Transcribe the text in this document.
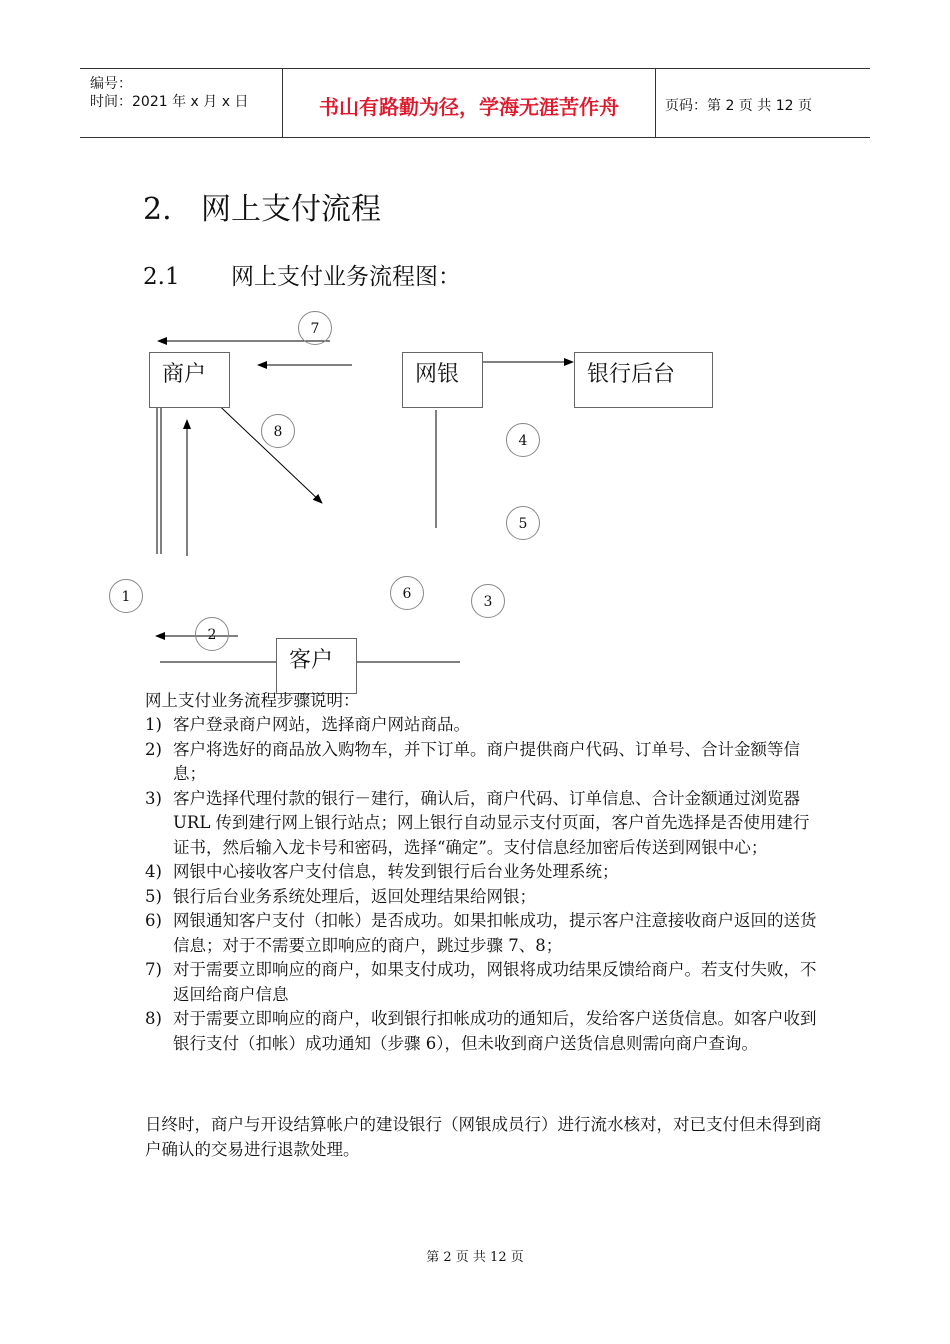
编号：
时间：2021 年 x 月 x 日	书山有路勤为径，学海无涯苦作舟	页码：第 2 页 共 12 页
2. 网上支付流程
2.1 网上支付业务流程图：
商户	网银	银行后台
客户
1
2
3
4
5
6
7
8
网上支付业务流程步骤说明：
1) 客户登录商户网站，选择商户网站商品。
2) 客户将选好的商品放入购物车，并下订单。商户提供商户代码、订单号、合计金额等信息；
3) 客户选择代理付款的银行－建行，确认后，商户代码、订单信息、合计金额通过浏览器 URL 传到建行网上银行站点；网上银行自动显示支付页面，客户首先选择是否使用建行证书，然后输入龙卡号和密码，选择“确定”。支付信息经加密后传送到网银中心；
4) 网银中心接收客户支付信息，转发到银行后台业务处理系统；
5) 银行后台业务系统处理后，返回处理结果给网银；
6) 网银通知客户支付（扣帐）是否成功。如果扣帐成功，提示客户注意接收商户返回的送货信息；对于不需要立即响应的商户，跳过步骤 7、8；
7) 对于需要立即响应的商户，如果支付成功，网银将成功结果反馈给商户。若支付失败，不返回给商户信息
8) 对于需要立即响应的商户，收到银行扣帐成功的通知后，发给客户送货信息。如客户收到银行支付（扣帐）成功通知（步骤 6），但未收到商户送货信息则需向商户查询。
日终时，商户与开设结算帐户的建设银行（网银成员行）进行流水核对，对已支付但未得到商户确认的交易进行退款处理。
第 2 页 共 12 页
